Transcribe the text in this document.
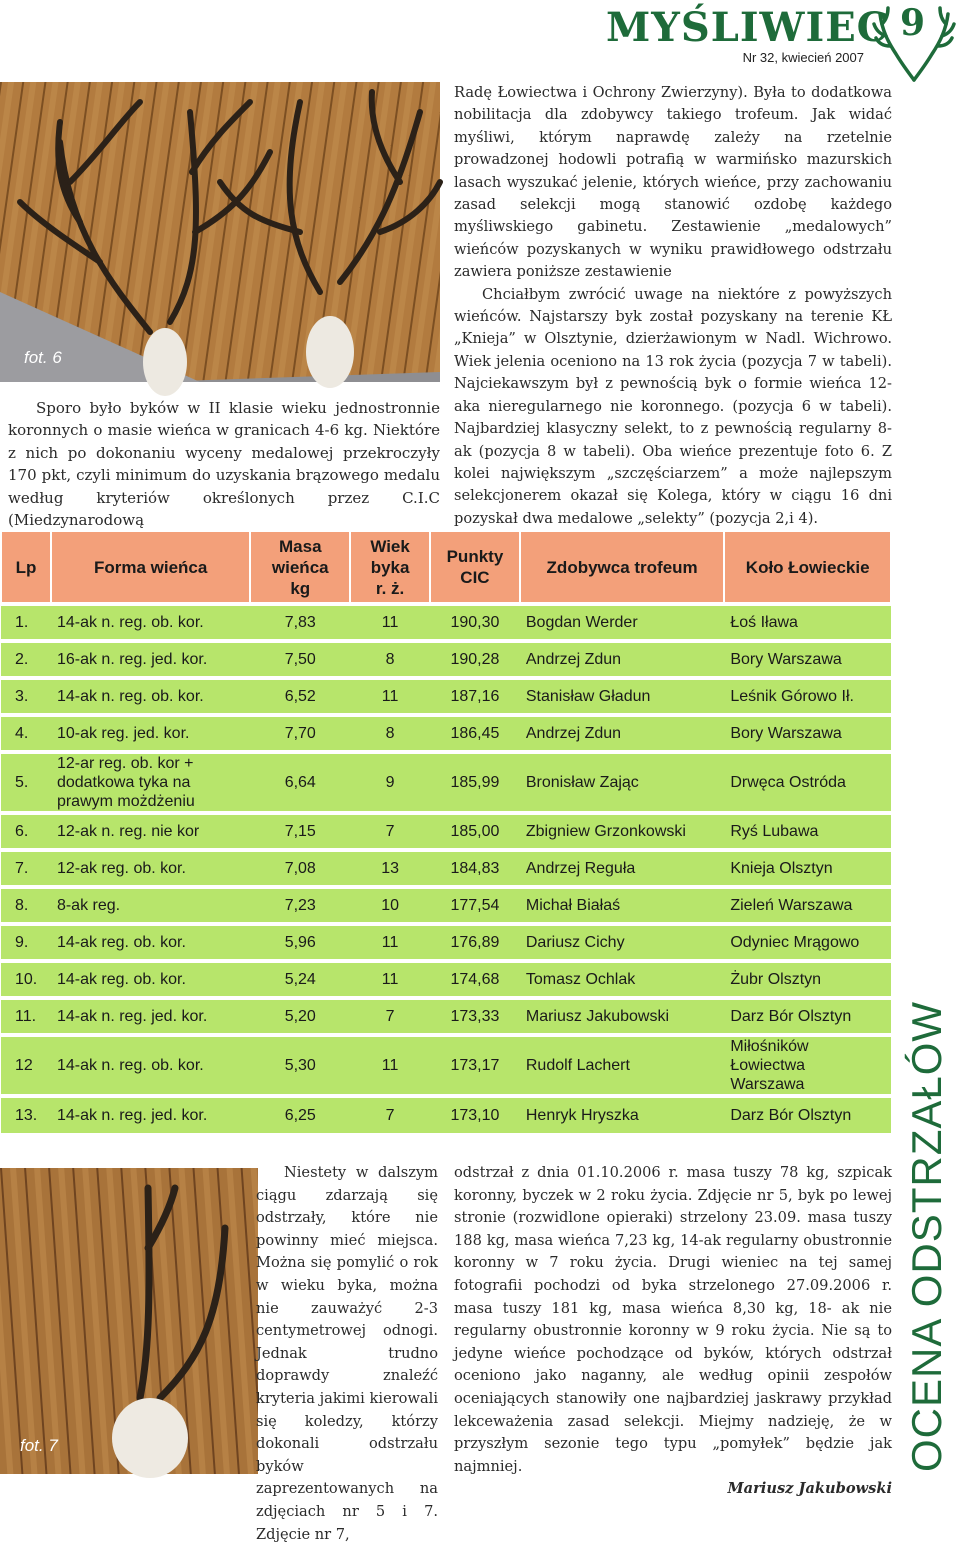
MYŚLIWIEC
Nr 32, kwiecień 2007
9
fot. 6

Sporo było byków w II klasie wieku jednostronnie koronnych o masie wieńca w granicach 4-6 kg. Niektóre z nich po dokonaniu wyceny medalowej przekroczyły 170 pkt, czyli minimum do uzyskania brązowego medalu według kryteriów określonych przez C.I.C (Miedzynarodową

Radę Łowiectwa i Ochrony Zwierzyny). Była to dodatkowa nobilitacja dla zdobywcy takiego trofeum. Jak widać myśliwi, którym naprawdę zależy na rzetelnie prowadzonej hodowli potrafią w warmińsko mazurskich lasach wyszukać jelenie, których wieńce, przy zachowaniu zasad selekcji mogą stanowić ozdobę każdego myśliwskiego gabinetu. Zestawienie „medalowych” wieńców pozyskanych w wyniku prawidłowego odstrzału zawiera poniższe zestawienie

Chciałbym zwrócić uwage na niektóre z powyższych wieńców. Najstarszy byk został pozyskany na terenie KŁ „Knieja” w Olsztynie, dzierżawionym w Nadl. Wichrowo. Wiek jelenia oceniono na 13 rok życia (pozycja 7 w tabeli). Najciekawszym był z pewnością byk o formie wieńca 12-aka nieregularnego nie koronnego. (pozycja 6 w tabeli). Najbardziej klasyczny selekt, to z pewnością regularny 8-ak (pozycja 8 w tabeli). Oba wieńce prezentuje foto 6. Z kolei największym „szczęściarzem” a może najlepszym selekcjonerem okazał się Kolega, który w ciągu 16 dni pozyskał dwa medalowe „selekty” (pozycja 2,i 4).

Lp	Forma wieńca	Masa
wieńca
kg	Wiek
byka
r. ż.	Punkty
CIC	Zdobywca trofeum	Koło Łowieckie
1.	14-ak n. reg. ob. kor.	7,83	11	190,30	Bogdan Werder	Łoś Iława
2.	16-ak n. reg. jed. kor.	7,50	8	190,28	Andrzej Zdun	Bory Warszawa
3.	14-ak n. reg. ob. kor.	6,52	11	187,16	Stanisław Gładun	Leśnik Górowo Ił.
4.	10-ak reg. jed. kor.	7,70	8	186,45	Andrzej Zdun	Bory Warszawa
5.	12-ar reg. ob. kor +
dodatkowa tyka na
prawym możdżeniu	6,64	9	185,99	Bronisław Zając	Drwęca Ostróda
6.	12-ak n. reg. nie kor	7,15	7	185,00	Zbigniew Grzonkowski	Ryś Lubawa
7.	12-ak reg. ob. kor.	7,08	13	184,83	Andrzej Reguła	Knieja Olsztyn
8.	8-ak reg.	7,23	10	177,54	Michał Białaś	Zieleń Warszawa
9.	14-ak reg. ob. kor.	5,96	11	176,89	Dariusz Cichy	Odyniec Mrągowo
10.	14-ak reg. ob. kor.	5,24	11	174,68	Tomasz Ochlak	Żubr Olsztyn
11.	14-ak n. reg. jed. kor.	5,20	7	173,33	Mariusz Jakubowski	Darz Bór Olsztyn
12	14-ak n. reg. ob. kor.	5,30	11	173,17	Rudolf Lachert	Miłośników
Łowiectwa
Warszawa
13.	14-ak n. reg. jed. kor.	6,25	7	173,10	Henryk Hryszka	Darz Bór Olsztyn
fot. 7

Niestety w dalszym ciągu zdarzają się odstrzały, które nie powinny mieć miejsca. Można się pomylić o rok w wieku byka, można nie zauważyć 2-3 centymetrowej odnogi. Jednak trudno doprawdy znaleźć kryteria jakimi kierowali się koledzy, którzy dokonali odstrzału byków zaprezentowanych na zdjęciach nr 5 i 7. Zdjęcie nr 7,

odstrzał z dnia 01.10.2006 r. masa tuszy 78 kg, szpicak koronny, byczek w 2 roku życia. Zdjęcie nr 5, byk po lewej stronie (rozwidlone opieraki) strzelony 23.09. masa tuszy 188 kg, masa wieńca 7,23 kg, 14-ak regularny obustronnie koronny w 7 roku życia. Drugi wieniec na tej samej fotografii pochodzi od byka strzelonego 27.09.2006 r. masa tuszy 181 kg, masa wieńca 8,30 kg, 18- ak nie regularny obustronnie koronny w 9 roku życia. Nie są to jedyne wieńce pochodzące od byków, których odstrzał oceniono jako naganny, ale według opinii zespołów oceniających stanowiły one najbardziej jaskrawy przykład lekceważenia zasad selekcji. Miejmy nadzieję, że w przyszłym sezonie tego typu „pomyłek” będzie jak najmniej.

Mariusz Jakubowski

OCENA ODSTRZAŁÓW
